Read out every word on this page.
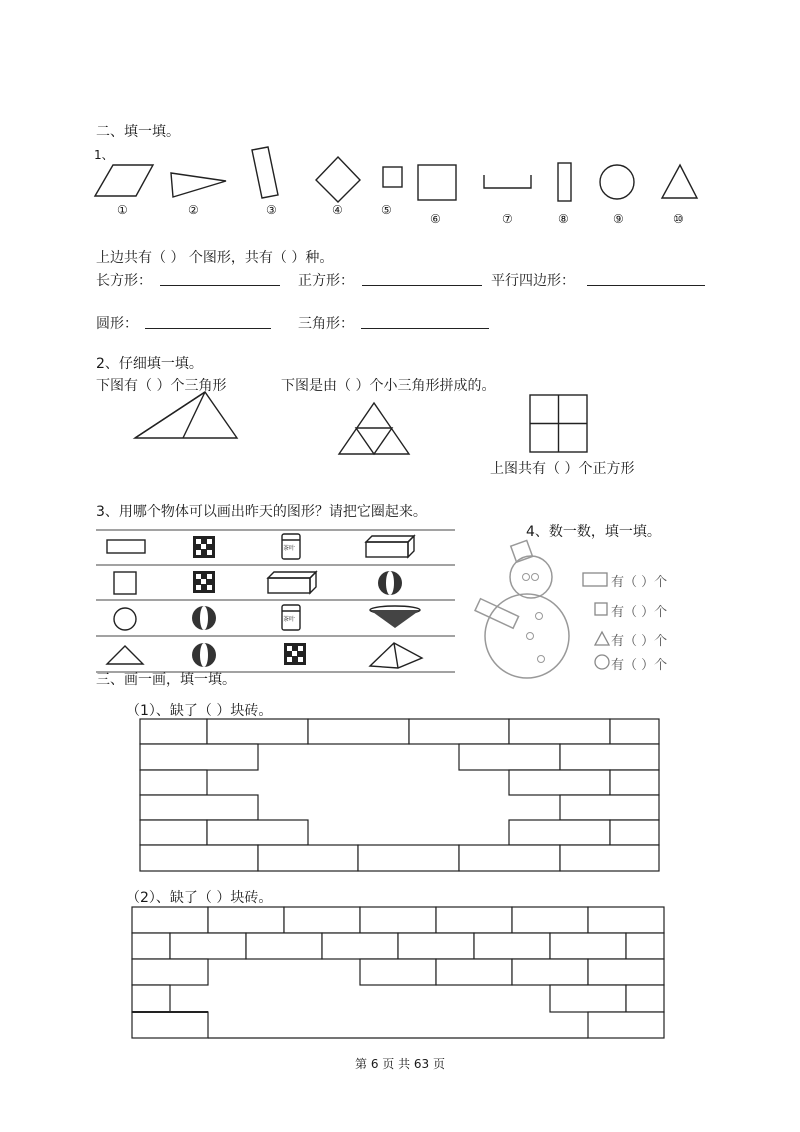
二、填一填。
1、
①	②	③	④	⑤
⑥	⑦	⑧	⑨	⑩
上边共有（ ） 个图形，共有（ ）种。
长方形：	正方形：	平行四边形：
圆形：	三角形：
2、仔细填一填。
下图有（ ）个三角形	下图是由（ ）个小三角形拼成的。
上图共有（ ）个正方形
3、用哪个物体可以画出昨天的图形？请把它圈起来。
茶叶
茶叶
4、数一数，填一填。
有（ ）个
有（ ）个
有（ ）个
有（ ）个
三、画一画，填一填。
（1）、缺了（ ）块砖。
（2）、缺了（ ）块砖。
第 6 页 共 63 页
